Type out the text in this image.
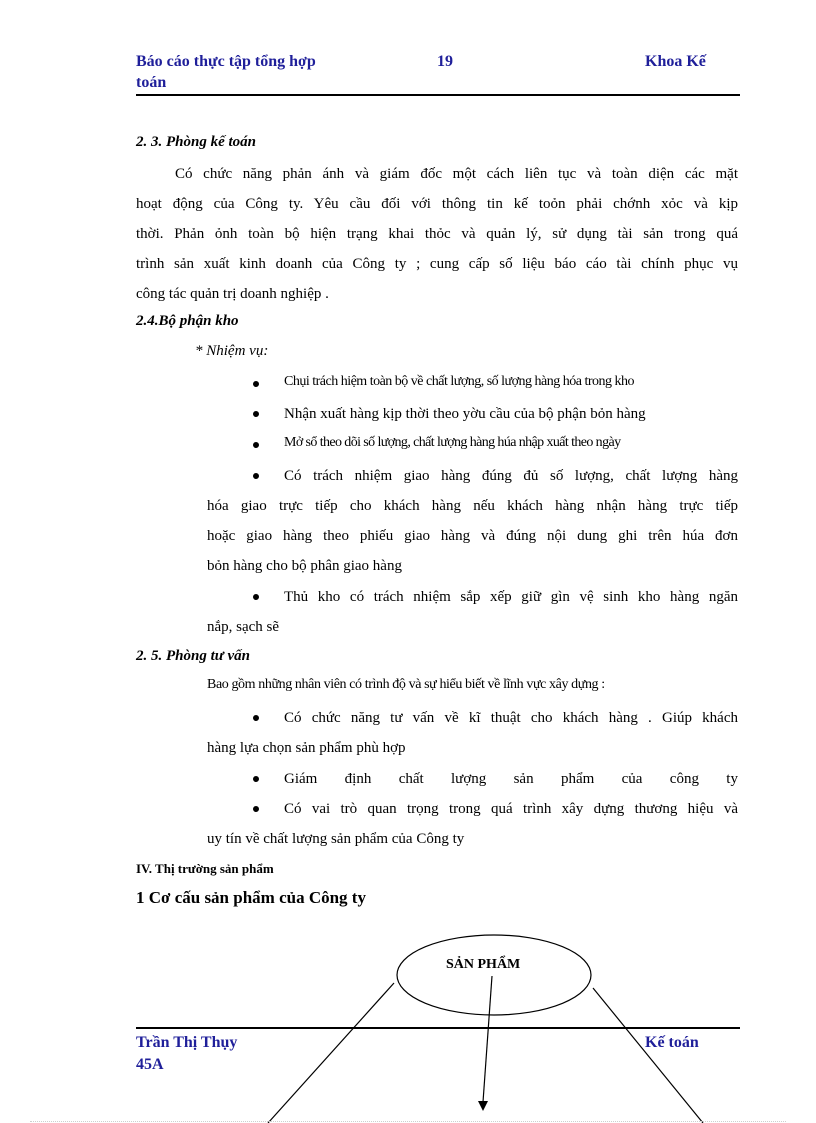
Báo cáo thực tập tổng hợp
toán
19	Khoa Kế
2. 3. Phòng kế toán
Có chức năng phản ánh và giám đốc một cách liên tục và toàn diện các mặt
hoạt động của Công ty. Yêu cầu đối với thông tin kế toỏn phải chớnh xỏc và kịp
thời. Phản ỏnh toàn bộ hiện trạng khai thỏc và quản lý, sử dụng tài sản trong quá
trình sản xuất kinh doanh của Công ty ; cung cấp số liệu báo cáo tài chính phục vụ
công tác quản trị doanh nghiệp .
2.4.Bộ phận kho
* Nhiệm vụ:
Chụi trách hiệm toàn bộ về chất lượng, số lượng hàng hóa trong kho
Nhận xuất hàng kịp thời theo yờu cầu của bộ phận bỏn hàng
Mở sổ theo dõi số lượng, chất lượng hàng húa nhập xuất theo ngày
Có trách nhiệm giao hàng đúng đủ số lượng, chất lượng hàng
hóa giao trực tiếp cho khách hàng nếu khách hàng nhận hàng trực tiếp
hoặc giao hàng theo phiếu giao hàng và đúng nội dung ghi trên húa đơn
bỏn hàng cho bộ phân giao hàng
Thủ kho có trách nhiệm sắp xếp giữ gìn vệ sinh kho hàng ngăn
nắp, sạch sẽ
2. 5. Phòng tư vấn
Bao gồm những nhân viên có trình độ và sự hiểu biết về lĩnh vực xây dựng :
Có chức năng tư vấn về kĩ thuật cho khách hàng . Giúp khách
hàng lựa chọn sản phẩm phù hợp
Giám định chất lượng sản phẩm của công ty
Có vai trò quan trọng trong quá trình xây dựng thương hiệu và
uy tín về chất lượng sản phẩm của Công ty
IV. Thị trường sản phẩm
1 Cơ cấu sản phẩm của Công ty
SẢN PHẨM
Trần Thị Thụy
45A
Kế toán
